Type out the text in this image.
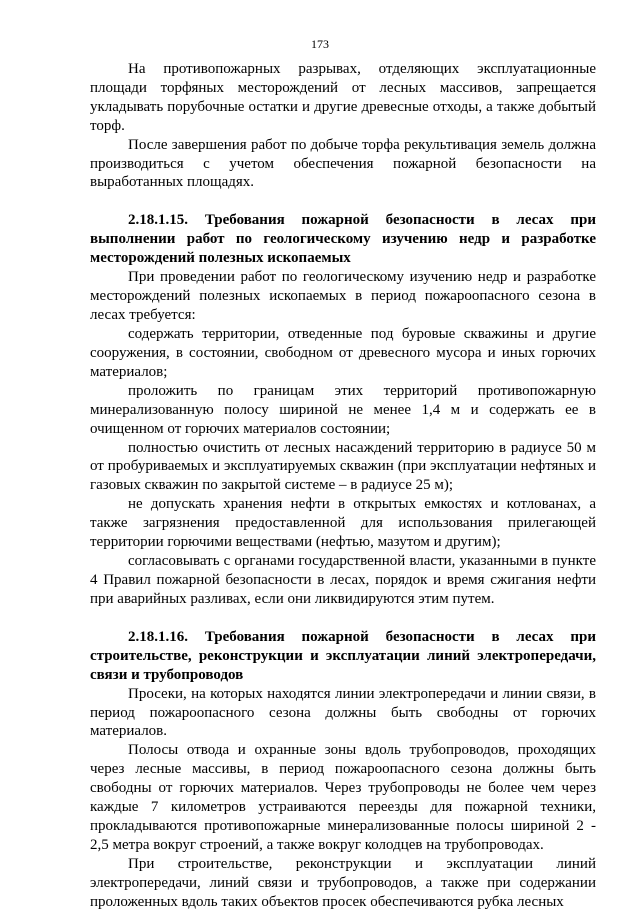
173

На противопожарных разрывах, отделяющих эксплуатационные площади торфяных месторождений от лесных массивов, запрещается укладывать порубочные остатки и другие древесные отходы, а также добытый торф.

После завершения работ по добыче торфа рекультивация земель должна производиться с учетом обеспечения пожарной безопасности на выработанных площадях.

2.18.1.15. Требования пожарной безопасности в лесах при выполнении работ по геологическому изучению недр и разработке месторождений полезных ископаемых

При проведении работ по геологическому изучению недр и разработке месторождений полезных ископаемых в период пожароопасного сезона в лесах требуется:

содержать территории, отведенные под буровые скважины и другие сооружения, в состоянии, свободном от древесного мусора и иных горючих материалов;

проложить по границам этих территорий противопожарную минерализованную полосу шириной не менее 1,4 м и содержать ее в очищенном от горючих материалов состоянии;

полностью очистить от лесных насаждений территорию в радиусе 50 м от пробуриваемых и эксплуатируемых скважин (при эксплуатации нефтяных и газовых скважин по закрытой системе – в радиусе 25 м);

не допускать хранения нефти в открытых емкостях и котлованах, а также загрязнения предоставленной для использования прилегающей территории горючими веществами (нефтью, мазутом и другим);

согласовывать с органами государственной власти, указанными в пункте 4 Правил пожарной безопасности в лесах, порядок и время сжигания нефти при аварийных разливах, если они ликвидируются этим путем.

2.18.1.16. Требования пожарной безопасности в лесах при строительстве, реконструкции и эксплуатации линий электропередачи, связи и трубопроводов

Просеки, на которых находятся линии электропередачи и линии связи, в период пожароопасного сезона должны быть свободны от горючих материалов.

Полосы отвода и охранные зоны вдоль трубопроводов, проходящих через лесные массивы, в период пожароопасного сезона должны быть свободны от горючих материалов. Через трубопроводы не более чем через каждые 7 километров устраиваются переезды для пожарной техники, прокладываются противопожарные минерализованные полосы шириной 2 - 2,5 метра вокруг строений, а также вокруг колодцев на трубопроводах.

При строительстве, реконструкции и эксплуатации линий электропередачи, линий связи и трубопроводов, а также при содержании проложенных вдоль таких объектов просек обеспечиваются рубка лесных
